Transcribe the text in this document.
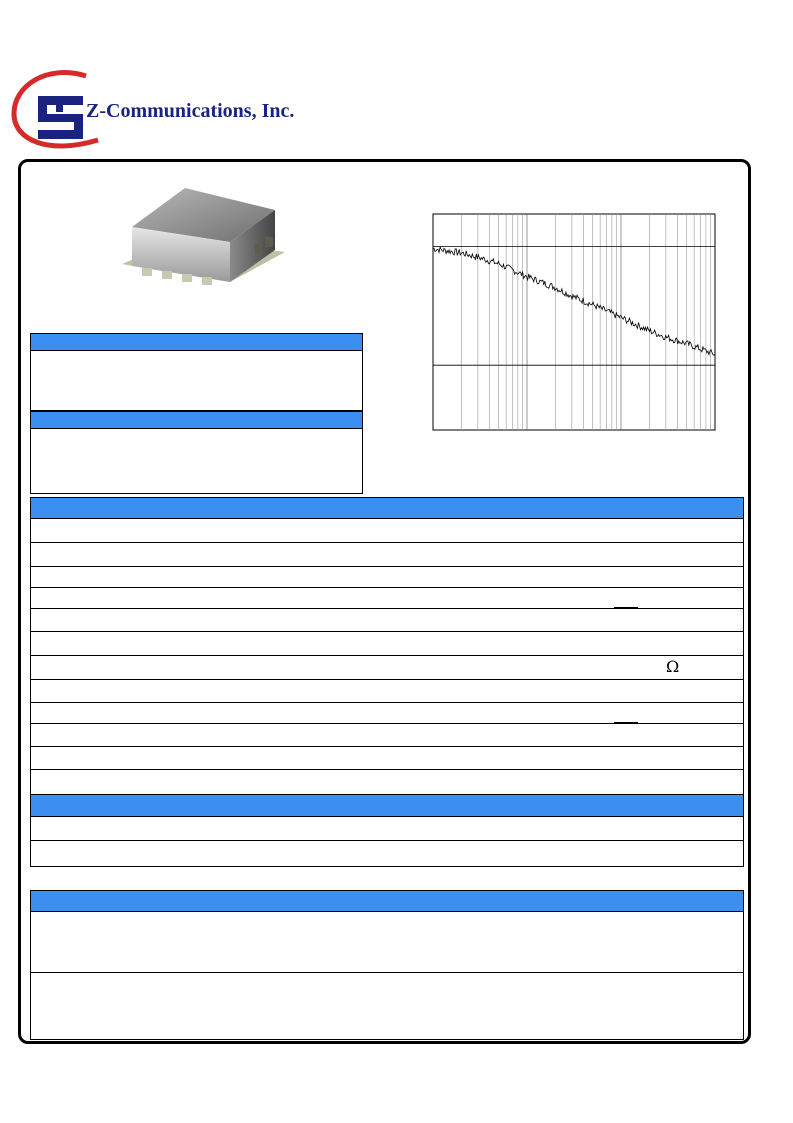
Z-Communications, Inc.
Ω
